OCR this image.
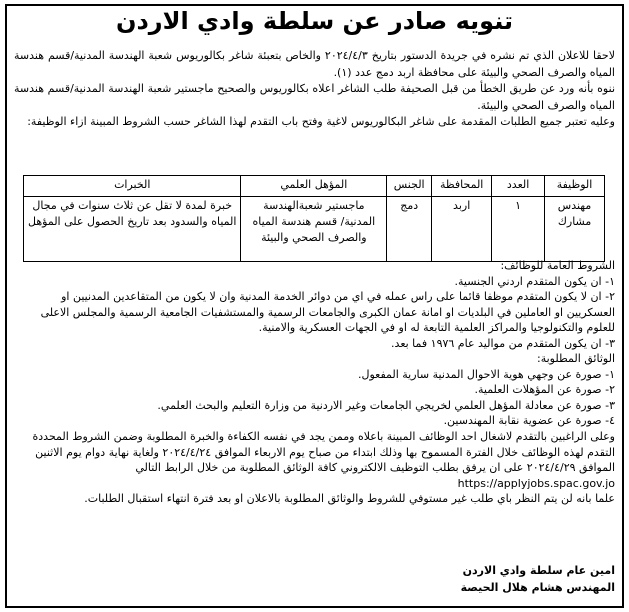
تنويه صادر عن سلطة وادي الاردن

لاحقا للاعلان الذي تم نشره في جريدة الدستور بتاريخ ٢٠٢٤/٤/٣ والخاص بتعبئة شاغر بكالوريوس شعبة الهندسة المدنية/قسم هندسة المياه والصرف الصحي والبيئة على محافظة اربد دمج عدد (١).

ننوه بأنه ورد عن طريق الخطأ من قبل الصحيفة طلب الشاغر اعلاه بكالوريوس والصحيح ماجستير شعبة الهندسة المدنية/قسم هندسة المياه والصرف الصحي والبيئة.

وعليه تعتبر جميع الطلبات المقدمة على شاغر البكالوريوس لاغية وفتح باب التقدم لهذا الشاغر حسب الشروط المبينة ازاء الوظيفة:

الوظيفة	العدد	المحافظة	الجنس	المؤهل العلمي	الخبرات
مهندس مشارك	١	اربد	دمج	ماجستير شعبةالهندسة المدنية/ قسم هندسة المياه والصرف الصحي والبيئة	خبرة لمدة لا تقل عن ثلاث سنوات في مجال المياه والسدود بعد تاريخ الحصول على المؤهل

الشروط العامة للوظائف:

١- ان يكون المتقدم اردني الجنسية.

٢- ان لا يكون المتقدم موظفا قائما على راس عمله في اي من دوائر الخدمة المدنية وان لا يكون من المتقاعدين المدنيين او العسكريين او العاملين في البلديات او امانة عمان الكبرى والجامعات الرسمية والمستشفيات الجامعية الرسمية والمجلس الاعلى للعلوم والتكنولوجيا والمراكز العلمية التابعة له او في الجهات العسكرية والامنية.

٣- ان يكون المتقدم من مواليد عام ١٩٧٦ فما بعد.

الوثائق المطلوبة:

١- صورة عن وجهي هوية الاحوال المدنية سارية المفعول.

٢- صورة عن المؤهلات العلمية.

٣- صورة عن معادلة المؤهل العلمي لخريجي الجامعات وغير الاردنية من وزارة التعليم والبحث العلمي.

٤- صورة عن عضوية نقابة المهندسين.

وعلى الراغبين بالتقدم لاشغال احد الوظائف المبينة باعلاه وممن يجد في نفسه الكفاءة والخبرة المطلوبة وضمن الشروط المحددة التقدم لهذه الوظائف خلال الفترة المسموح بها وذلك ابتداء من صباح يوم الاربعاء الموافق ٢٠٢٤/٤/٢٤ ولغاية نهاية دوام يوم الاثنين الموافق ٢٠٢٤/٤/٢٩ على ان يرفق بطلب التوظيف الالكتروني كافة الوثائق المطلوبة من خلال الرابط التالي

https://applyjobs.spac.gov.jo

علما بانه لن يتم النظر باي طلب غير مستوفي للشروط والوثائق المطلوبة بالاعلان او بعد فترة انتهاء استقبال الطلبات.

امين عام سلطة وادي الاردن

المهندس هشام هلال الحيصة
